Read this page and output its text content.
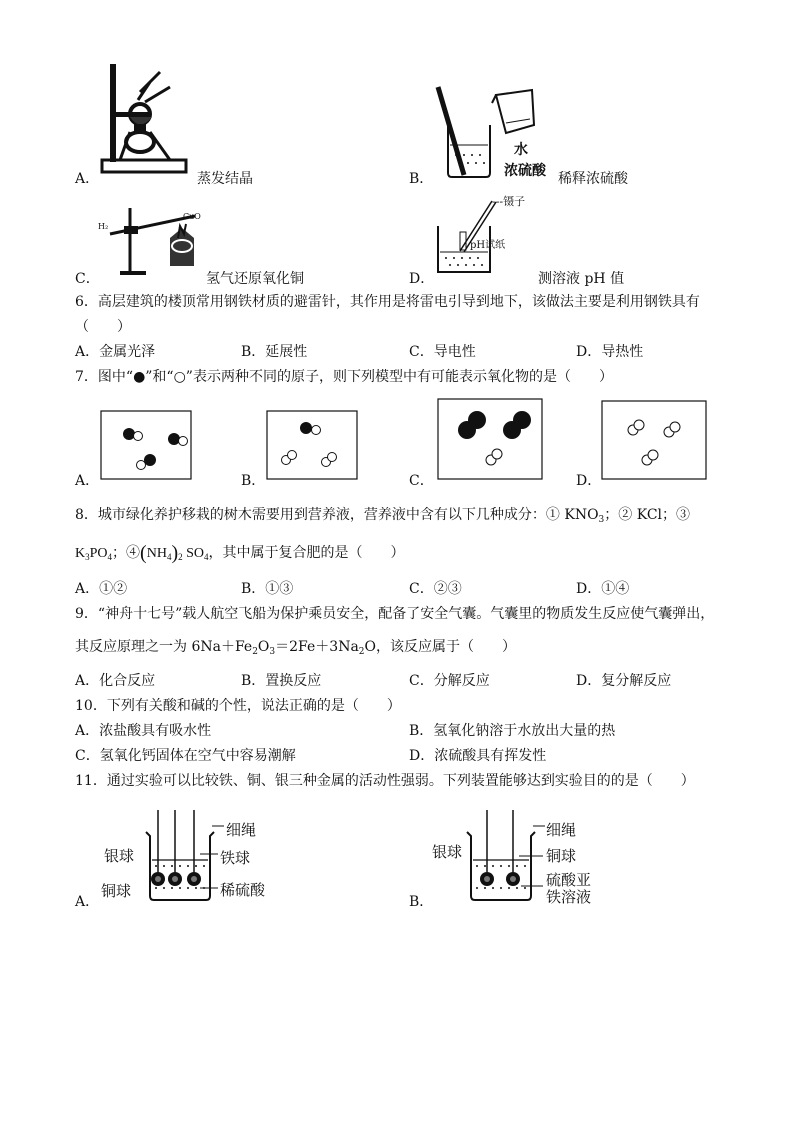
A．	蒸发结晶
水
浓硫酸
B．	稀释浓硫酸
H₂
CuO
C．	氢气还原氧化铜
---镊子
pH试纸
D．	测溶液 pH 值
6．高层建筑的楼顶常用钢铁材质的避雷针，其作用是将雷电引导到地下，该做法主要是利用钢铁具有
（　　）
A．金属光泽	B．延展性	C．导电性	D．导热性
7．图中“●”和“○”表示两种不同的原子，则下列模型中有可能表示氧化物的是（　　）
A．	B．	C．	D．
8．城市绿化养护移栽的树木需要用到营养液，营养液中含有以下几种成分：① $KNO_3$；② KCl；③
$K_3PO_4$；$④(NH_4)_2$ $SO_4$，其中属于复合肥的是（　　）
A．①②	B．①③	C．②③	D．①④
9．“神舟十七号”载人航空飞船为保护乘员安全，配备了安全气囊。气囊里的物质发生反应使气囊弹出，
其反应原理之一为 $6Na+Fe_2O_3=2Fe+3Na_2O$，该反应属于（　　）
A．化合反应	B．置换反应	C．分解反应	D．复分解反应
10．下列有关酸和碱的个性，说法正确的是（　　）
A．浓盐酸具有吸水性	B．氢氧化钠溶于水放出大量的热
C．氢氧化钙固体在空气中容易潮解	D．浓硫酸具有挥发性
11．通过实验可以比较铁、铜、银三种金属的活动性强弱。下列装置能够达到实验目的的是（　　）
细绳
银球	铁球
铜球	稀硫酸
A．
细绳
银球	铜球
硫酸亚
铁溶液
B．
